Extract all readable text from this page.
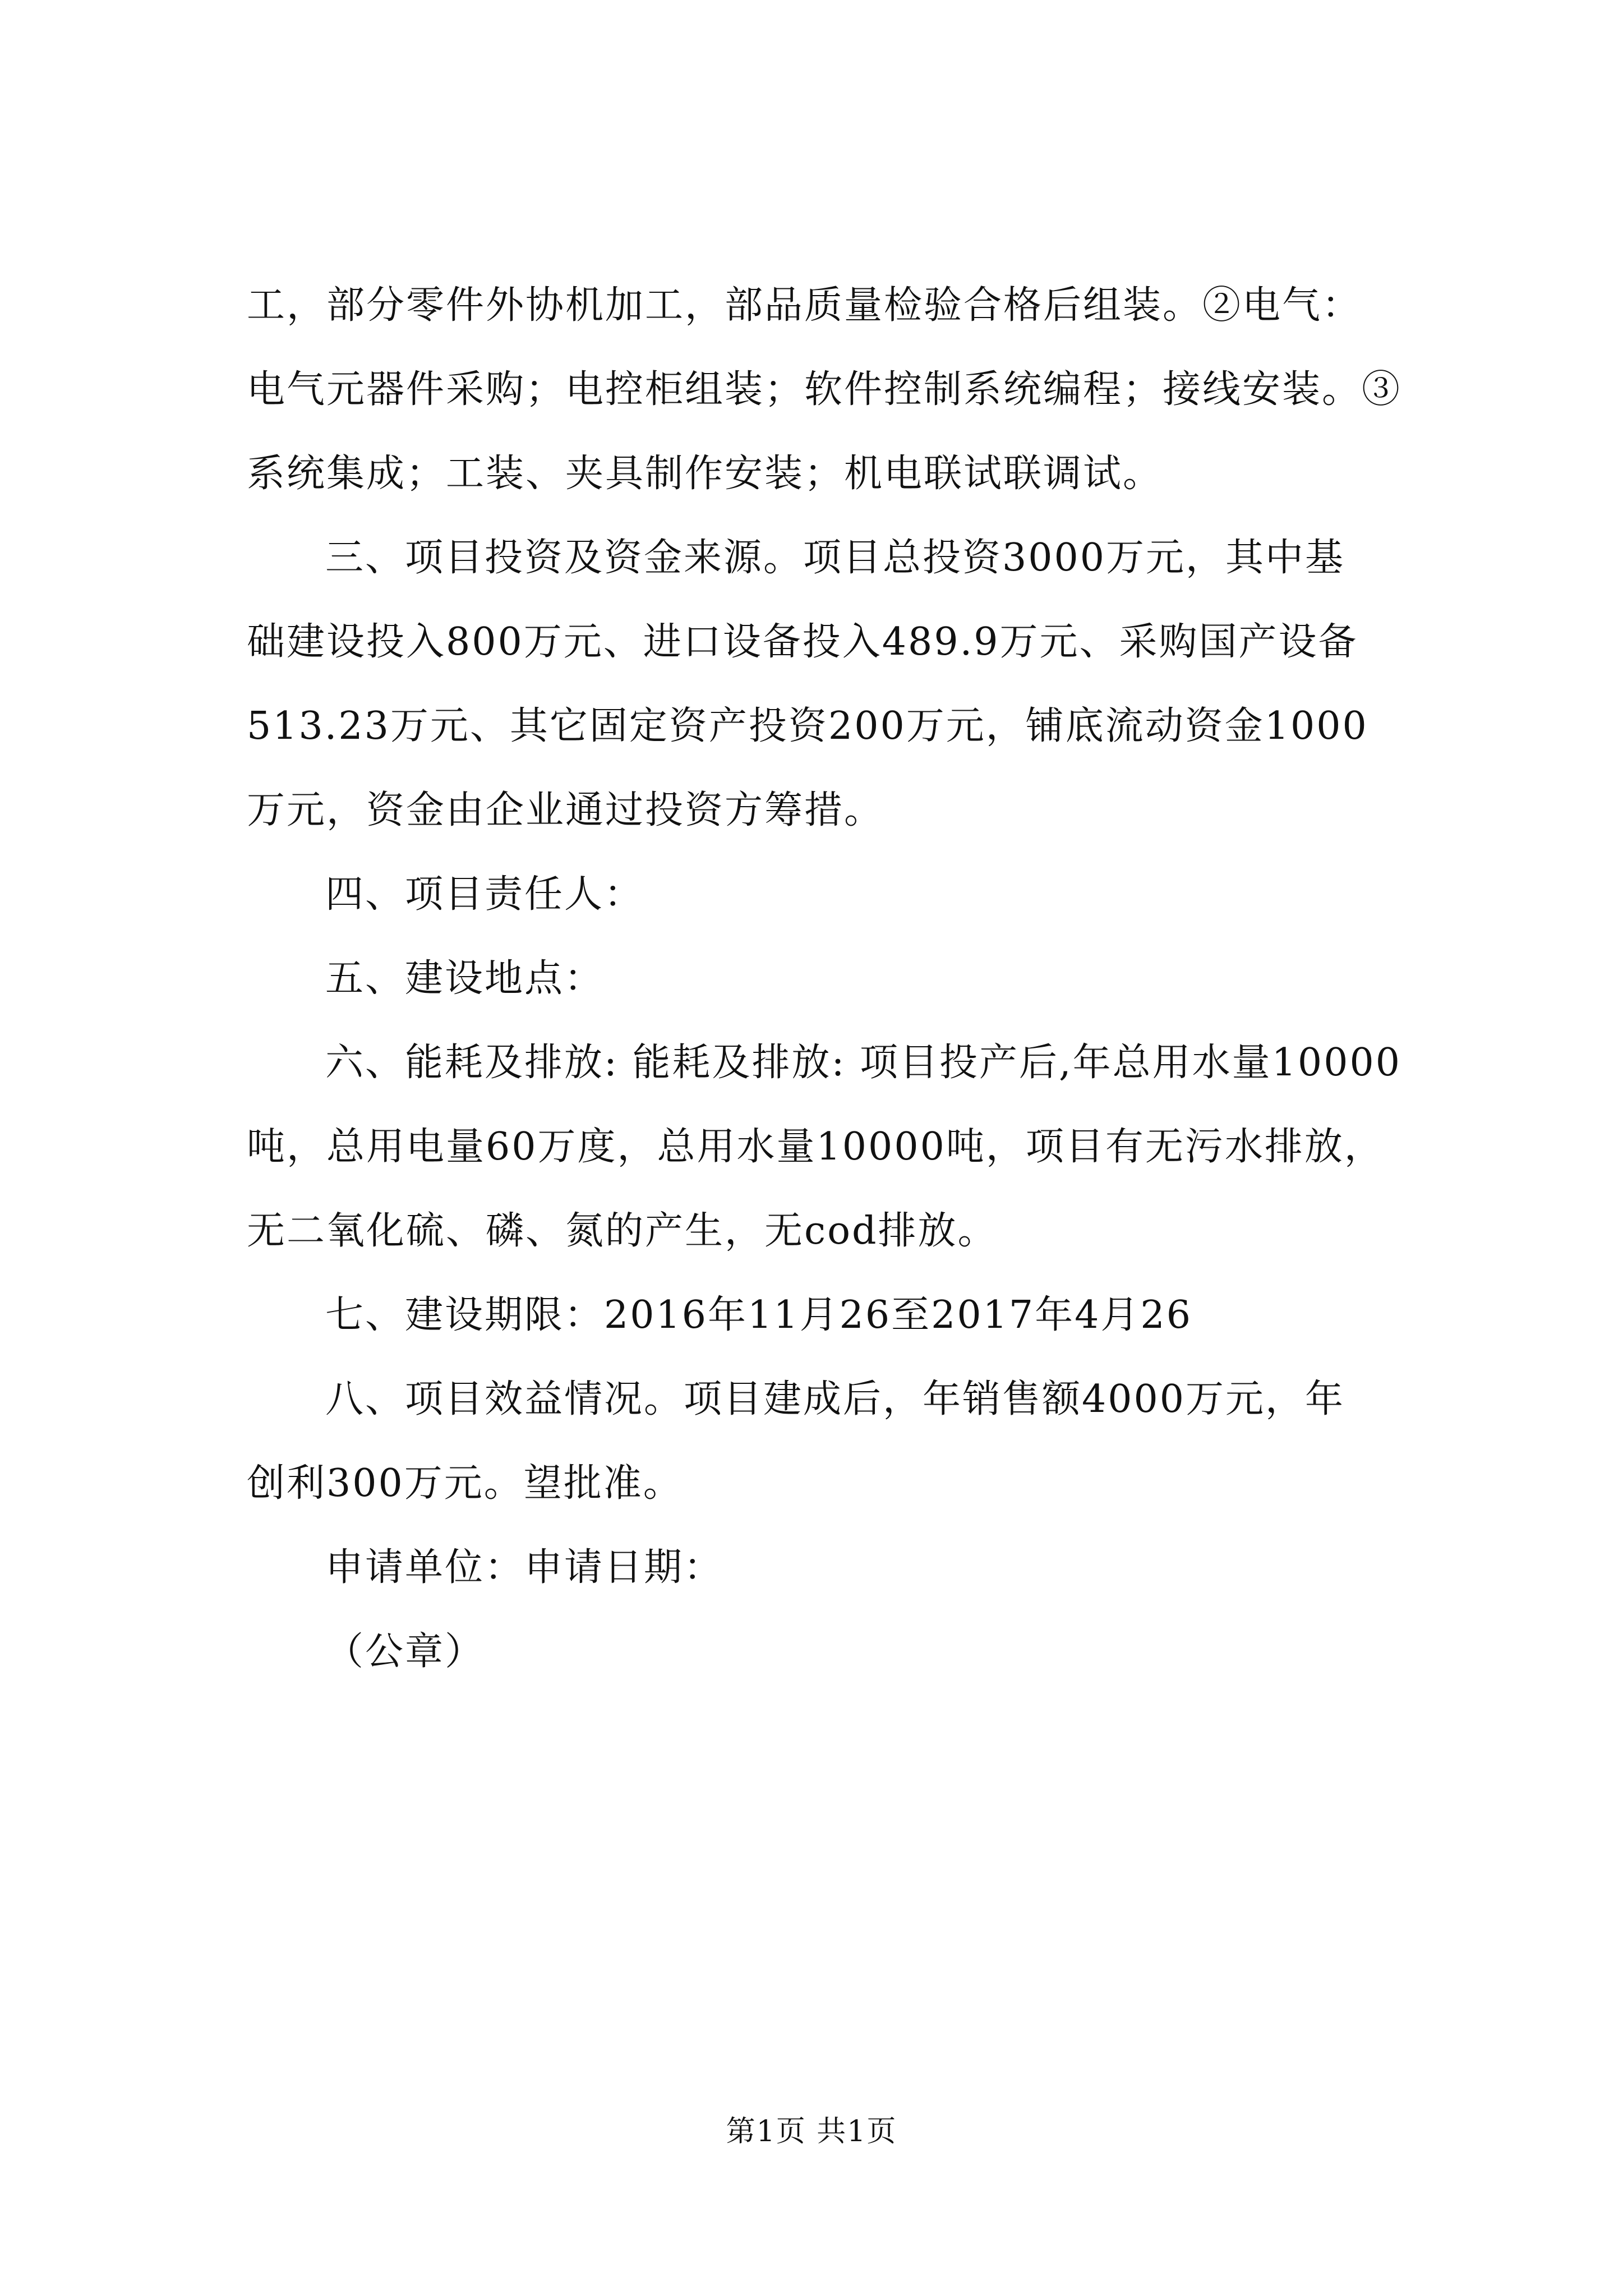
工，部分零件外协机加工，部品质量检验合格后组装。②电气：
电气元器件采购；电控柜组装；软件控制系统编程；接线安装。③
系统集成；工装、夹具制作安装；机电联试联调试。
三、项目投资及资金来源。项目总投资3000万元，其中基
础建设投入800万元、进口设备投入489.9万元、采购国产设备
513.23万元、其它固定资产投资200万元，铺底流动资金1000
万元，资金由企业通过投资方筹措。
四、项目责任人：
五、建设地点：
六、能耗及排放: 能耗及排放: 项目投产后,年总用水量10000
吨，总用电量60万度，总用水量10000吨，项目有无污水排放，
无二氧化硫、磷、氮的产生，无cod排放。
七、建设期限：2016年11月26至2017年4月26
八、项目效益情况。项目建成后，年销售额4000万元，年
创利300万元。望批准。
申请单位：申请日期：
（公章）
第1页 共1页
